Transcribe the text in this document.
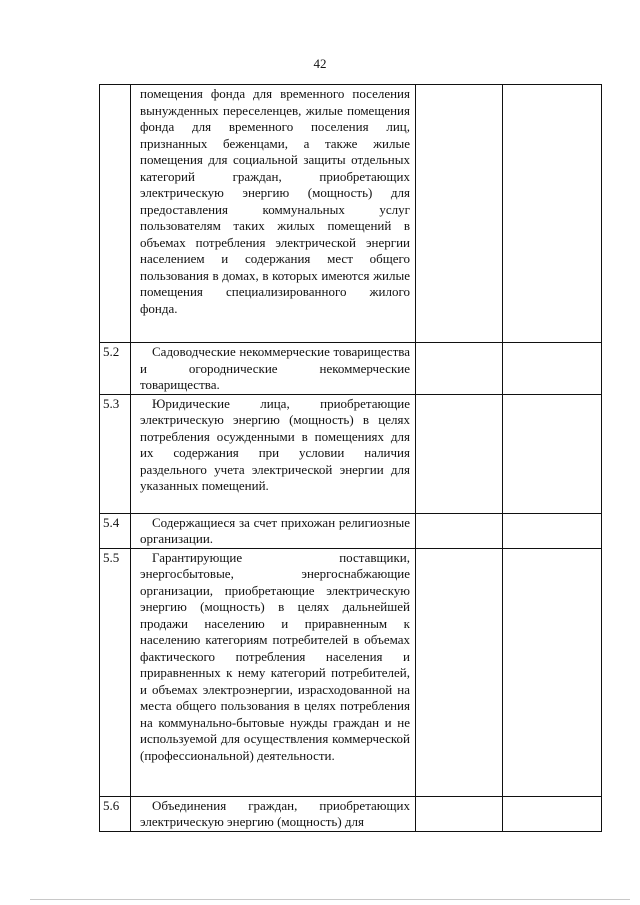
42
	помещения фонда для временного поселения вынужденных переселенцев, жилые помещения фонда для временного поселения лиц, признанных беженцами, а также жилые помещения для социальной защиты отдельных категорий граждан, приобретающих электрическую энергию (мощность) для предоставления коммунальных услуг пользователям таких жилых помещений в объемах потребления электрической энергии населением и содержания мест общего пользования в домах, в которых имеются жилые помещения специализированного жилого фонда.		
5.2	Садоводческие некоммерческие товарищества и огороднические некоммерческие товарищества.		
5.3	Юридические лица, приобретающие электрическую энергию (мощность) в целях потребления осужденными в помещениях для их содержания при условии наличия раздельного учета электрической энергии для указанных помещений.		
5.4	Содержащиеся за счет прихожан религиозные организации.		
5.5	Гарантирующие поставщики, энергосбытовые, энергоснабжающие организации, приобретающие электрическую энергию (мощность) в целях дальнейшей продажи населению и приравненным к населению категориям потребителей в объемах фактического потребления населения и приравненных к нему категорий потребителей, и объемах электроэнергии, израсходованной на места общего пользования в целях потребления на коммунально-бытовые нужды граждан и не используемой для осуществления коммерческой (профессиональной) деятельности.		
5.6	Объединения граждан, приобретающих электрическую энергию (мощность) для		
